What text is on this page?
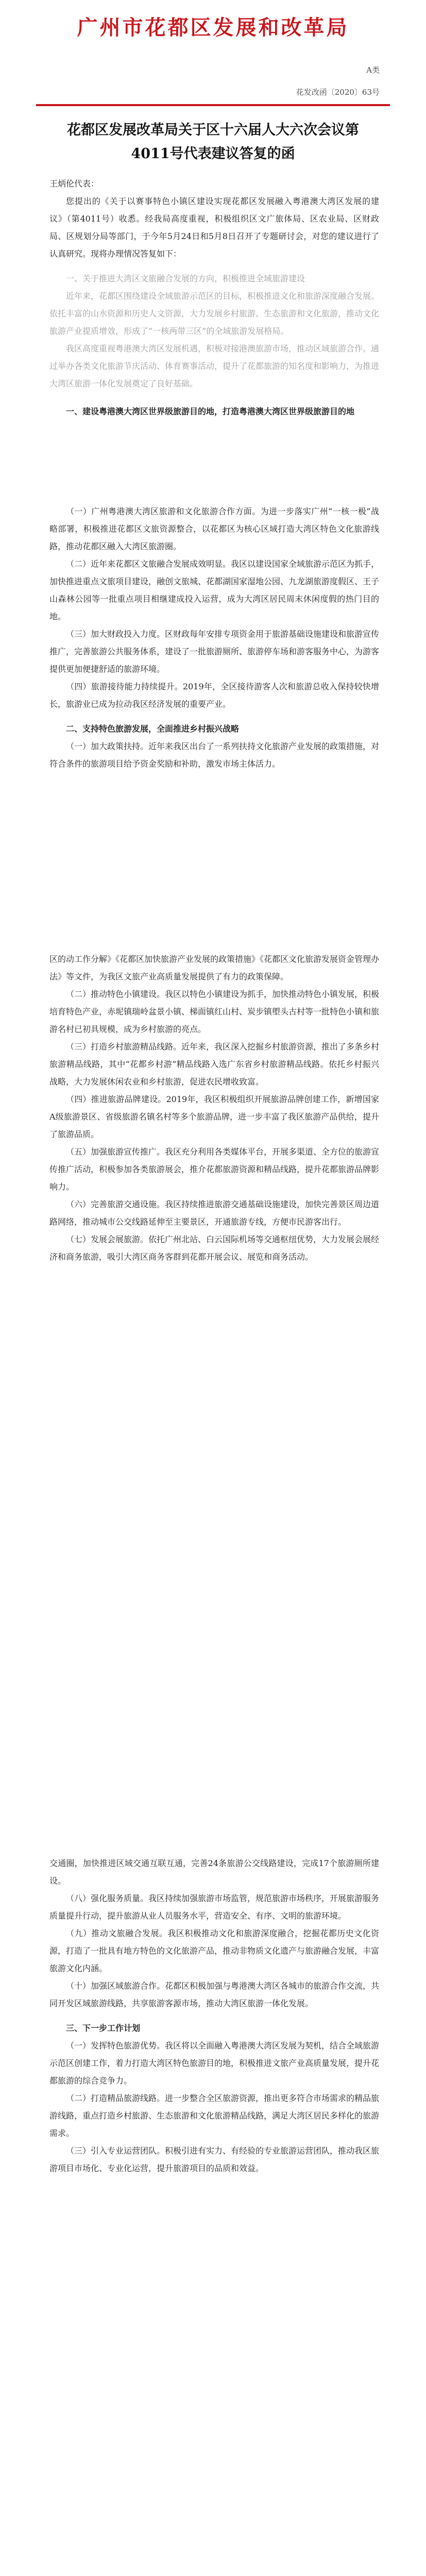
广州市花都区发展和改革局
A类
花发改函〔2020〕63号
花都区发展改革局关于区十六届人大六次会议第4011号代表建议答复的函

王炳伦代表：

您提出的《关于以赛事特色小镇区建设实现花都区发展融入粤港澳大湾区发展的建议》（第4011号）收悉。经我局高度重视，积极组织区文广旅体局、区农业局、区财政局、区规划分局等部门，于今年5月24日和5月8日召开了专题研讨会，对您的建议进行了认真研究。现将办理情况答复如下：

一、关于推进大湾区文旅融合发展的方向，积极推进全域旅游建设

近年来，花都区围绕建设全域旅游示范区的目标，积极推进文化和旅游深度融合发展。依托丰富的山水资源和历史人文资源，大力发展乡村旅游、生态旅游和文化旅游，推动文化旅游产业提质增效，形成了“一核两带三区”的全域旅游发展格局。

我区高度重视粤港澳大湾区发展机遇，积极对接港澳旅游市场，推动区域旅游合作。通过举办各类文化旅游节庆活动、体育赛事活动，提升了花都旅游的知名度和影响力，为推进大湾区旅游一体化发展奠定了良好基础。

一、建设粤港澳大湾区世界级旅游目的地，打造粤港澳大湾区世界级旅游目的地

（一）广州粤港澳大湾区旅游和文化旅游合作方面。为进一步落实广州“一核一极”战略部署，积极推进花都区文旅资源整合，以花都区为核心区域打造大湾区特色文化旅游线路，推动花都区融入大湾区旅游圈。

（二）近年来花都区文旅融合发展成效明显。我区以建设国家全域旅游示范区为抓手，加快推进重点文旅项目建设，融创文旅城、花都湖国家湿地公园、九龙湖旅游度假区、王子山森林公园等一批重点项目相继建成投入运营，成为大湾区居民周末休闲度假的热门目的地。

（三）加大财政投入力度。区财政每年安排专项资金用于旅游基础设施建设和旅游宣传推广，完善旅游公共服务体系，建设了一批旅游厕所、旅游停车场和游客服务中心，为游客提供更加便捷舒适的旅游环境。

（四）旅游接待能力持续提升。2019年，全区接待游客人次和旅游总收入保持较快增长，旅游业已成为拉动我区经济发展的重要产业。

二、支持特色旅游发展，全面推进乡村振兴战略

（一）加大政策扶持。近年来我区出台了一系列扶持文化旅游产业发展的政策措施，对符合条件的旅游项目给予资金奖励和补助，激发市场主体活力。

区的动工作分解》《花都区加快旅游产业发展的政策措施》《花都区文化旅游发展资金管理办法》等文件，为我区文旅产业高质量发展提供了有力的政策保障。

（二）推动特色小镇建设。我区以特色小镇建设为抓手，加快推动特色小镇发展，积极培育特色产业，赤坭镇瑞岭盆景小镇、梯面镇红山村、炭步镇塱头古村等一批特色小镇和旅游名村已初具规模，成为乡村旅游的亮点。

（三）打造乡村旅游精品线路。近年来，我区深入挖掘乡村旅游资源，推出了多条乡村旅游精品线路，其中“花都乡村游”精品线路入选广东省乡村旅游精品线路。依托乡村振兴战略，大力发展休闲农业和乡村旅游，促进农民增收致富。

（四）推进旅游品牌建设。2019年，我区积极组织开展旅游品牌创建工作，新增国家A级旅游景区、省级旅游名镇名村等多个旅游品牌，进一步丰富了我区旅游产品供给，提升了旅游品质。

（五）加强旅游宣传推广。我区充分利用各类媒体平台，开展多渠道、全方位的旅游宣传推广活动，积极参加各类旅游展会，推介花都旅游资源和精品线路，提升花都旅游品牌影响力。

（六）完善旅游交通设施。我区持续推进旅游交通基础设施建设，加快完善景区周边道路网络，推动城市公交线路延伸至主要景区，开通旅游专线，方便市民游客出行。

（七）发展会展旅游。依托广州北站、白云国际机场等交通枢纽优势，大力发展会展经济和商务旅游，吸引大湾区商务客群到花都开展会议、展览和商务活动。

交通圈，加快推进区域交通互联互通，完善24条旅游公交线路建设，完成17个旅游厕所建设。

（八）强化服务质量。我区持续加强旅游市场监管，规范旅游市场秩序，开展旅游服务质量提升行动，提升旅游从业人员服务水平，营造安全、有序、文明的旅游环境。

（九）推动文旅融合发展。我区积极推动文化和旅游深度融合，挖掘花都历史文化资源，打造了一批具有地方特色的文化旅游产品，推动非物质文化遗产与旅游融合发展，丰富旅游文化内涵。

（十）加强区域旅游合作。花都区积极加强与粤港澳大湾区各城市的旅游合作交流，共同开发区域旅游线路，共享旅游客源市场，推动大湾区旅游一体化发展。

三、下一步工作计划

（一）发挥特色旅游优势。我区将以全面融入粤港澳大湾区发展为契机，结合全域旅游示范区创建工作，着力打造大湾区特色旅游目的地，积极推进文旅产业高质量发展，提升花都旅游的综合竞争力。

（二）打造精品旅游线路。进一步整合全区旅游资源，推出更多符合市场需求的精品旅游线路，重点打造乡村旅游、生态旅游和文化旅游精品线路，满足大湾区居民多样化的旅游需求。

（三）引入专业运营团队。积极引进有实力、有经验的专业旅游运营团队，推动我区旅游项目市场化、专业化运营，提升旅游项目的品质和效益。
